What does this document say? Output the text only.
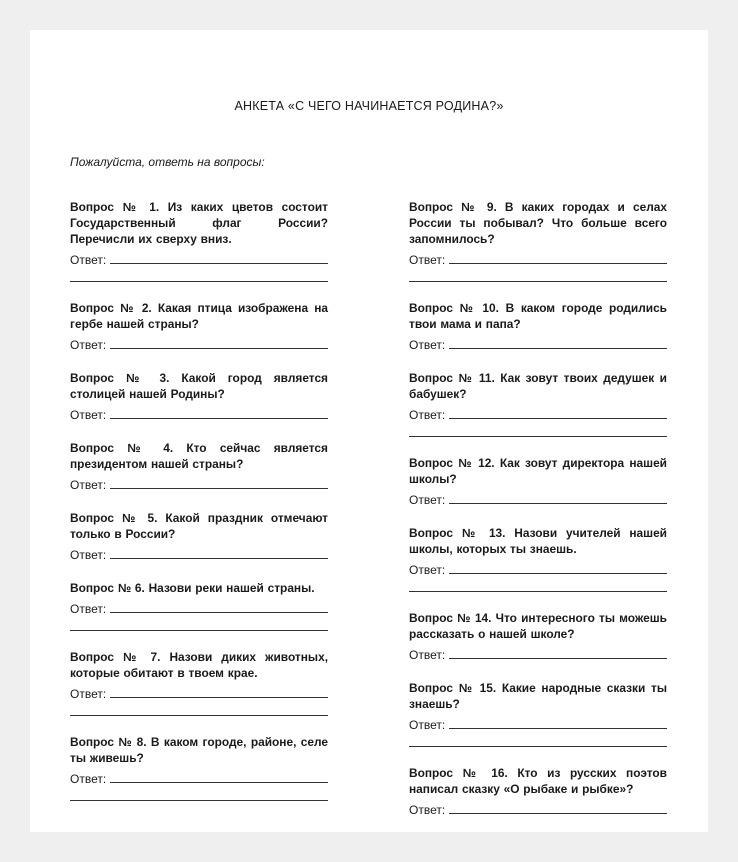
АНКЕТА «С ЧЕГО НАЧИНАЕТСЯ РОДИНА?»
Пожалуйста, ответь на вопросы:
Вопрос № 1. Из каких цветов состоит Государственный флаг России? Перечисли их сверху вниз.
Ответ:
Вопрос № 2. Какая птица изображена на гербе нашей страны?
Ответ:
Вопрос № 3. Какой город является столицей нашей Родины?
Ответ:
Вопрос № 4. Кто сейчас является президентом нашей страны?
Ответ:
Вопрос № 5. Какой праздник отмечают только в России?
Ответ:
Вопрос № 6. Назови реки нашей страны.
Ответ:
Вопрос № 7. Назови диких животных, которые обитают в твоем крае.
Ответ:
Вопрос № 8. В каком городе, районе, селе ты живешь?
Ответ:
Вопрос № 9. В каких городах и селах России ты побывал? Что больше всего запомнилось?
Ответ:
Вопрос № 10. В каком городе родились твои мама и папа?
Ответ:
Вопрос № 11. Как зовут твоих дедушек и бабушек?
Ответ:
Вопрос № 12. Как зовут директора нашей школы?
Ответ:
Вопрос № 13. Назови учителей нашей школы, которых ты знаешь.
Ответ:
Вопрос № 14. Что интересного ты можешь рассказать о нашей школе?
Ответ:
Вопрос № 15. Какие народные сказки ты знаешь?
Ответ:
Вопрос № 16. Кто из русских поэтов написал сказку «О рыбаке и рыбке»?
Ответ:
